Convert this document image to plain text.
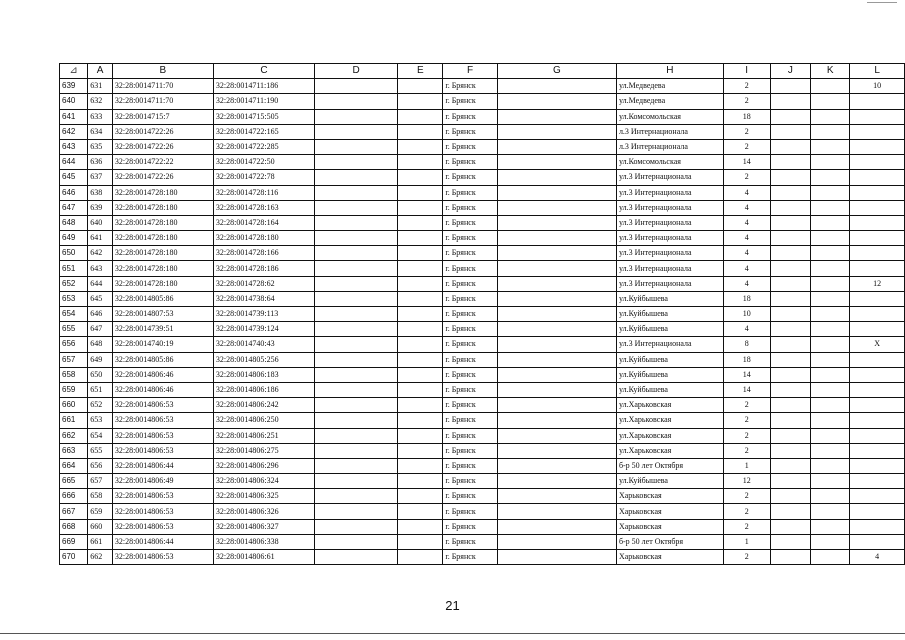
⊿	A	B	C	D	E	F	G	H	I	J	K	L
639	631	32:28:0014711:70	32:28:0014711:186			г. Брянск		ул.Медведева	2			10
640	632	32:28:0014711:70	32:28:0014711:190			г. Брянск		ул.Медведева	2			
641	633	32:28:0014715:7	32:28:0014715:505			г. Брянск		ул.Комсомольская	18			
642	634	32:28:0014722:26	32:28:0014722:165			г. Брянск		л.3 Интернационала	2			
643	635	32:28:0014722:26	32:28:0014722:285			г. Брянск		л.3 Интернационала	2			
644	636	32:28:0014722:22	32:28:0014722:50			г. Брянск		ул.Комсомольская	14			
645	637	32:28:0014722:26	32:28:0014722:78			г. Брянск		ул.3 Интернационала	2			
646	638	32:28:0014728:180	32:28:0014728:116			г. Брянск		ул.3 Интернационала	4			
647	639	32:28:0014728:180	32:28:0014728:163			г. Брянск		ул.3 Интернационала	4			
648	640	32:28:0014728:180	32:28:0014728:164			г. Брянск		ул.3 Интернационала	4			
649	641	32:28:0014728:180	32:28:0014728:180			г. Брянск		ул.3 Интернационала	4			
650	642	32:28:0014728:180	32:28:0014728:166			г. Брянск		ул.3 Интернационала	4			
651	643	32:28:0014728:180	32:28:0014728:186			г. Брянск		ул.3 Интернационала	4			
652	644	32:28:0014728:180	32:28:0014728:62			г. Брянск		ул.3 Интернационала	4			12
653	645	32:28:0014805:86	32:28:0014738:64			г. Брянск		ул.Куйбышева	18			
654	646	32:28:0014807:53	32:28:0014739:113			г. Брянск		ул.Куйбышева	10			
655	647	32:28:0014739:51	32:28:0014739:124			г. Брянск		ул.Куйбышева	4			
656	648	32:28:0014740:19	32:28:0014740:43			г. Брянск		ул.3 Интернационала	8			X
657	649	32:28:0014805:86	32:28:0014805:256			г. Брянск		ул.Куйбышева	18			
658	650	32:28:0014806:46	32:28:0014806:183			г. Брянск		ул.Куйбышева	14			
659	651	32:28:0014806:46	32:28:0014806:186			г. Брянск		ул.Куйбышева	14			
660	652	32:28:0014806:53	32:28:0014806:242			г. Брянск		ул.Харьковская	2			
661	653	32:28:0014806:53	32:28:0014806:250			г. Брянск		ул.Харьковская	2			
662	654	32:28:0014806:53	32:28:0014806:251			г. Брянск		ул.Харьковская	2			
663	655	32:28:0014806:53	32:28:0014806:275			г. Брянск		ул.Харьковская	2			
664	656	32:28:0014806:44	32:28:0014806:296			г. Брянск		б-р 50 лет Октября	1			
665	657	32:28:0014806:49	32:28:0014806:324			г. Брянск		ул.Куйбышева	12			
666	658	32:28:0014806:53	32:28:0014806:325			г. Брянск		Харьковская	2			
667	659	32:28:0014806:53	32:28:0014806:326			г. Брянск		Харьковская	2			
668	660	32:28:0014806:53	32:28:0014806:327			г. Брянск		Харьковская	2			
669	661	32:28:0014806:44	32:28:0014806:338			г. Брянск		б-р 50 лет Октября	1			
670	662	32:28:0014806:53	32:28:0014806:61			г. Брянск		Харьковская	2			4
21
